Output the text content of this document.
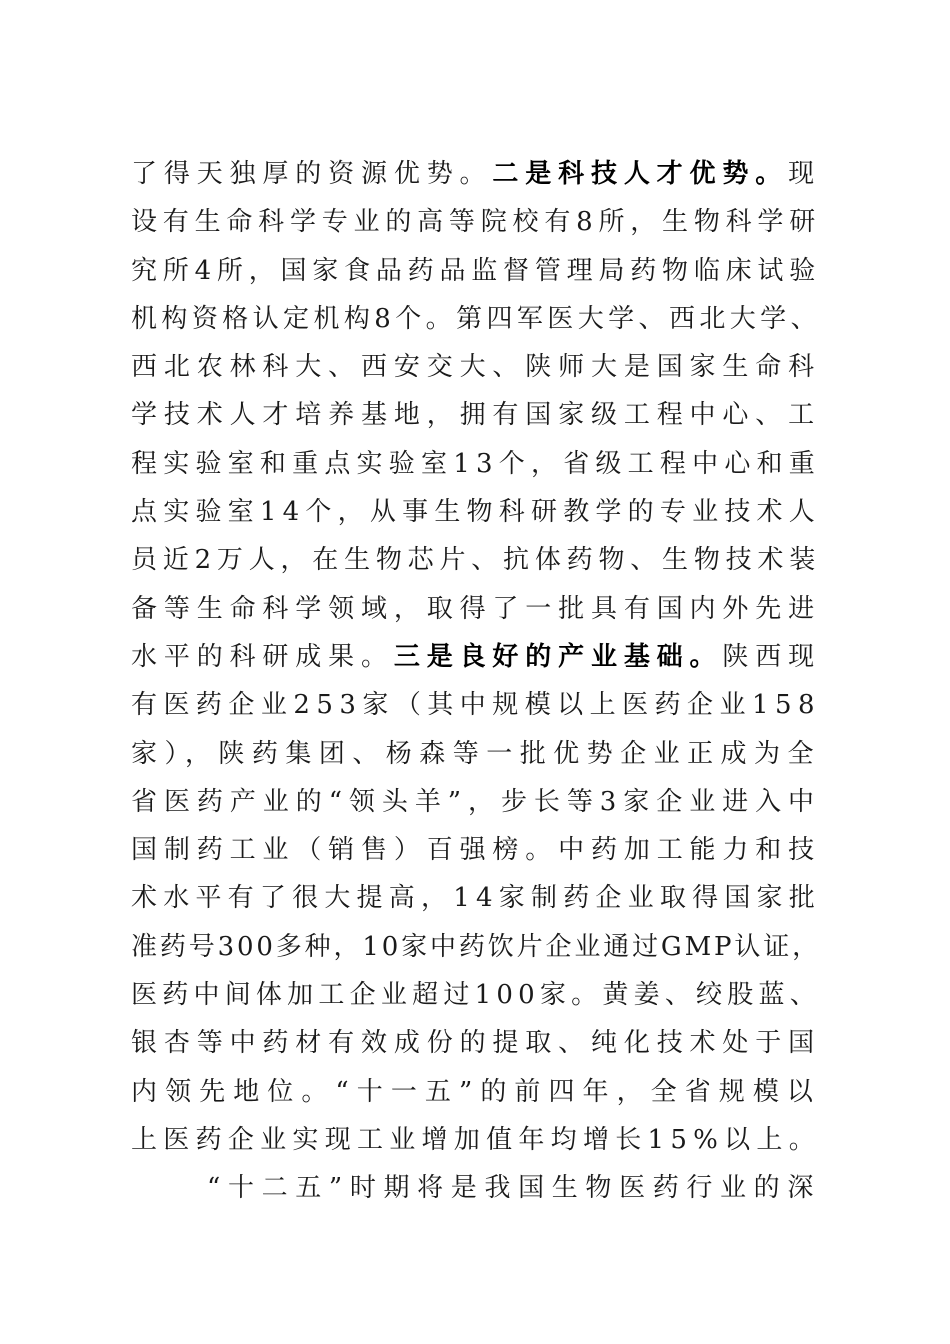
了得天独厚的资源优势。二是科技人才优势。现
设有生命科学专业的高等院校有8所，生物科学研
究所4所，国家食品药品监督管理局药物临床试验
机构资格认定机构8个。第四军医大学、西北大学、
西北农林科大、西安交大、陕师大是国家生命科
学技术人才培养基地，拥有国家级工程中心、工
程实验室和重点实验室13个，省级工程中心和重
点实验室14个，从事生物科研教学的专业技术人
员近2万人，在生物芯片、抗体药物、生物技术装
备等生命科学领域，取得了一批具有国内外先进
水平的科研成果。三是良好的产业基础。陕西现
有医药企业253家（其中规模以上医药企业158
家），陕药集团、杨森等一批优势企业正成为全
省医药产业的“领头羊”，步长等3家企业进入中
国制药工业（销售）百强榜。中药加工能力和技
术水平有了很大提高，14家制药企业取得国家批
准药号300多种，10家中药饮片企业通过GMP认证，
医药中间体加工企业超过100家。黄姜、绞股蓝、
银杏等中药材有效成份的提取、纯化技术处于国
内领先地位。“十一五”的前四年，全省规模以
上医药企业实现工业增加值年均增长15%以上。
“十二五”时期将是我国生物医药行业的深
